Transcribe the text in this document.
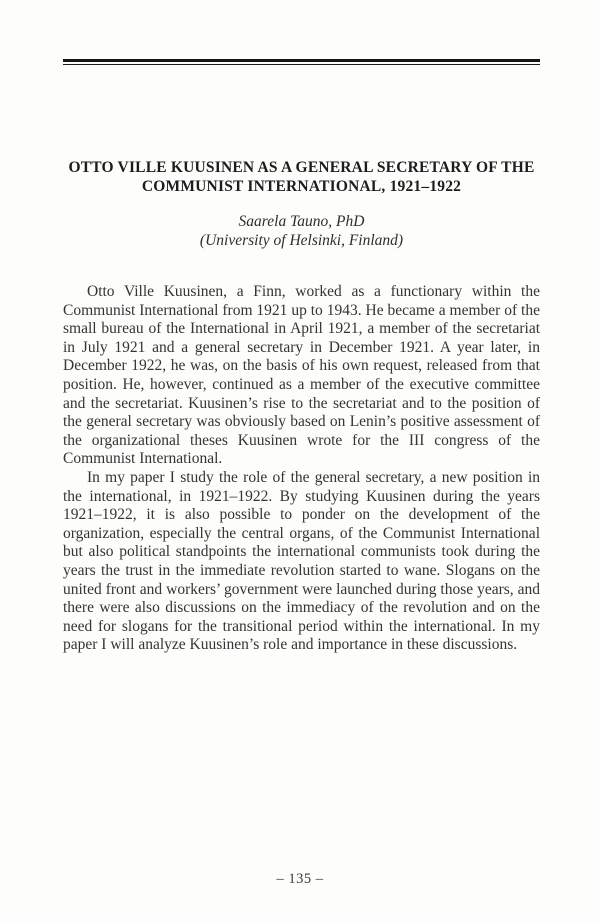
OTTO VILLE KUUSINEN AS A GENERAL SECRETARY OF THE
COMMUNIST INTERNATIONAL, 1921–1922
Saarela Tauno, PhD
(University of Helsinki, Finland)

Otto Ville Kuusinen, a Finn, worked as a functionary within the Communist International from 1921 up to 1943. He became a member of the small bureau of the International in April 1921, a member of the secretariat in July 1921 and a general secretary in December 1921. A year later, in December 1922, he was, on the basis of his own request, released from that position. He, however, continued as a member of the executive committee and the secretariat. Kuusinen’s rise to the secretariat and to the position of the general secretary was obviously based on Lenin’s positive assessment of the organizational theses Kuusinen wrote for the III congress of the Communist International.

In my paper I study the role of the general secretary, a new position in the international, in 1921–1922. By studying Kuusinen during the years 1921–1922, it is also possible to ponder on the development of the organization, especially the central organs, of the Communist International but also political standpoints the international communists took during the years the trust in the immediate revolution started to wane. Slogans on the united front and workers’ government were launched during those years, and there were also discussions on the immediacy of the revolution and on the need for slogans for the transitional period within the international. In my paper I will analyze Kuusinen’s role and importance in these discussions.

– 135 –
